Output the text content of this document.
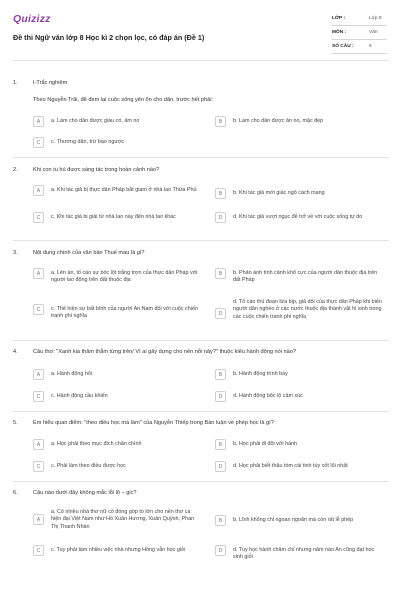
Quizizz
Đề thi Ngữ văn lớp 8 Học kì 2 chọn lọc, có đáp án (Đề 1)
LỚP :	Lớp 8
MÔN :	Văn
SỐ CÂU :	6
1.	I-Trắc nghiệm
Theo Nguyễn Trãi, để đem lại cuộc sống yên ổn cho dân, trước hết phải:
A	a. Làm cho dân được giàu có, ấm no	B	b. Làm cho dân được ăn no, mặc đẹp
C	c. Thương dân, trừ bạo ngược
2.	Khi con tu hú được sáng tác trong hoàn cảnh nào?
A	a. Khi tác giả bị thực dân Pháp bắt giam ở nhà lao Thừa Phủ
B	b. Khi tác giả mới giác ngộ cách mạng
C	c. Khi tác giả bị giải từ nhà lao này đến nhà lao khác	D	d. Khi tác giả vượt ngục để trở về với cuộc sống tự do
3.	Nội dung chính của văn bản Thuế máu là gì?
A	a. Lên án, tố cáo sự bóc lột trắng trợn của thực dân Pháp với người lao động trên đất thuộc địa
B	b. Phản ánh tình cảnh khổ cực của người dân thuộc địa trên đất Pháp
C	c. Thể hiện sự bất bình của người An Nam đối với cuộc chiến tranh phi nghĩa	D
d. Tố cáo thủ đoạn lừa bịp, giả dối của thực dân Pháp khi biến người dân nghèo ở các nước thuộc địa thành vật hi sinh trong các cuộc chiến tranh phi nghĩa
4.	Câu thơ: "Xanh kia thăm thẳm từng trên/ Vì ai gây dựng cho nên nỗi này?" thuộc kiểu hành động nói nào?
A	a. Hành động hỏi	B	b. Hành động trình bày
C	c. Hành động cầu khiến	D	d. Hành động bộc lộ cảm xúc
5.	Em hiểu quan điểm: "theo điều học mà làm" của Nguyễn Thiếp trong Bàn luận về phép học là gì?
A	a. Học phải theo mục đích chân chính	B	b. Học phải đi đôi với hành
C	c. Phải làm theo điều được học	D	d. Học phải biết thâu tóm cái tinh túy cốt lõi nhất
6.	Câu nào dưới đây không mắc lỗi lô – gic?
A
a. Có nhiều nhà thơ nữ có đóng góp to lớn cho nền thơ ca hiện đại Việt Nam như Hồ Xuân Hương, Xuân Quỳnh, Phan Thị Thanh Nhàn
B	b. Lĩnh không chỉ ngoan ngoãn mà còn rất lễ phép
C	c. Tuy phải làm nhiều việc nhà nhưng Hồng vẫn học giỏi	D	d. Tuy học hành chăm chỉ nhưng năm nào An cũng đạt học sinh giỏi
